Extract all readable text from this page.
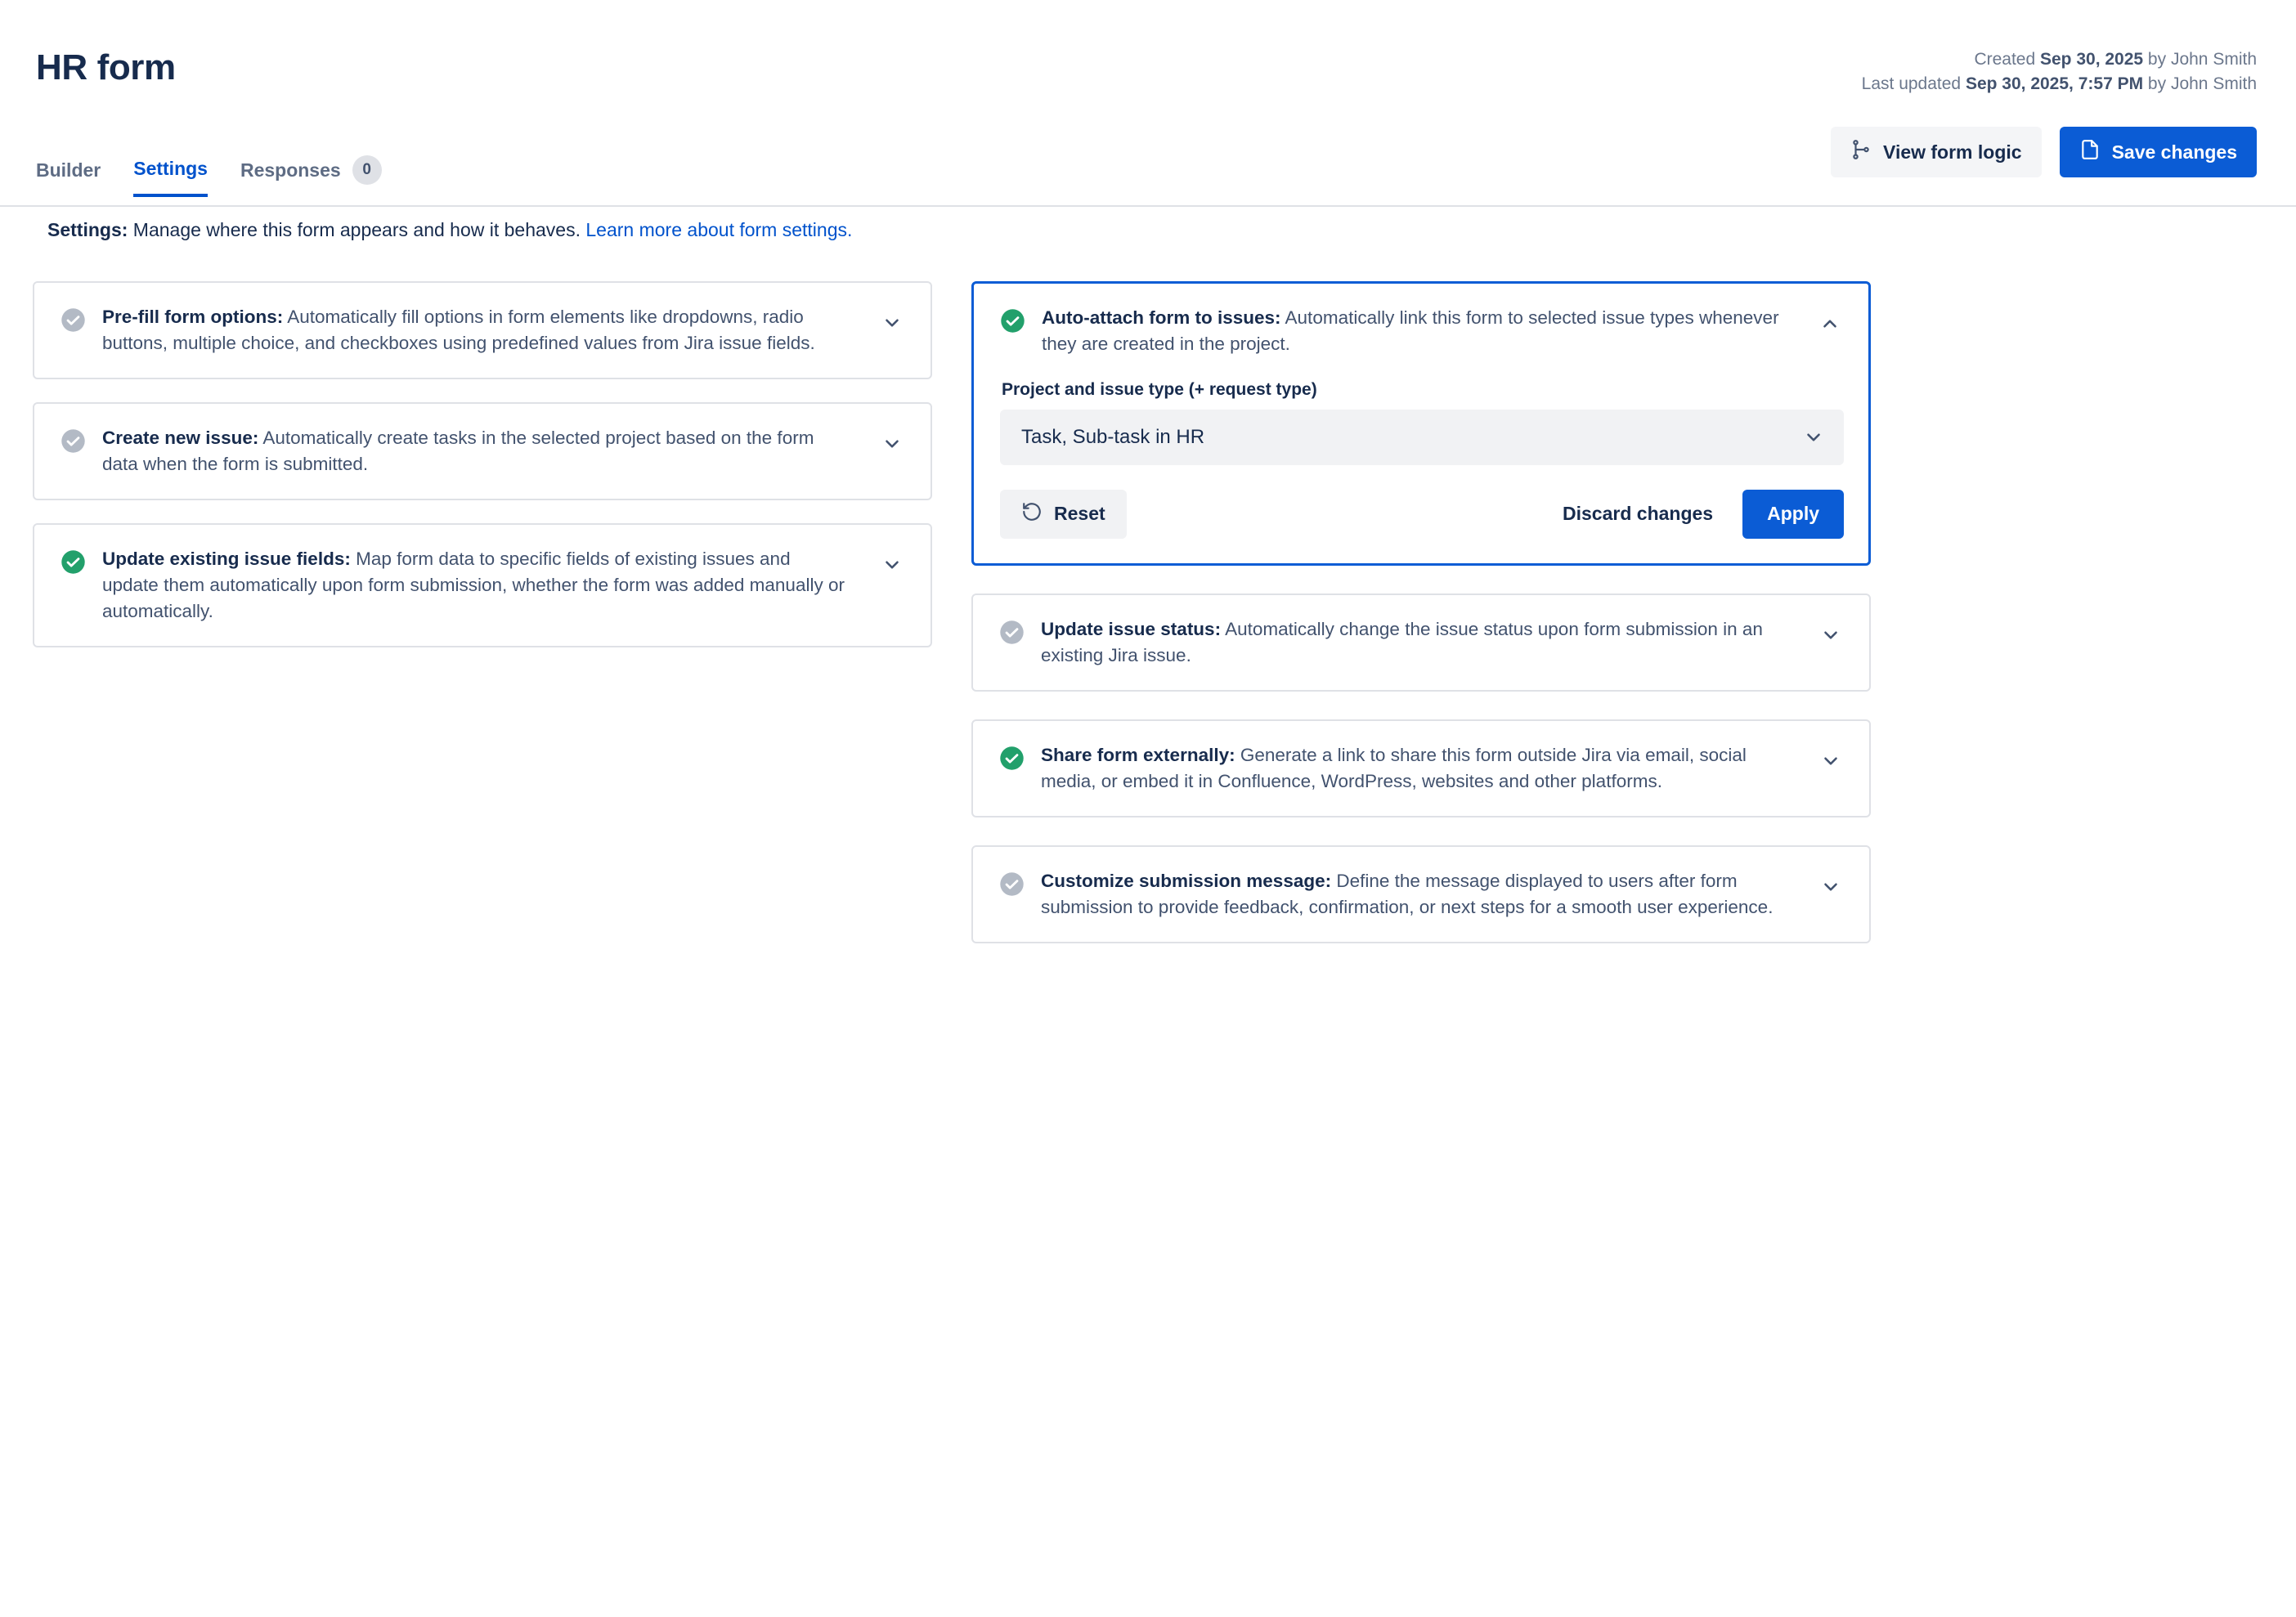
HR form	Created Sep 30, 2025 by John Smith
Last updated Sep 30, 2025, 7:57 PM by John Smith
View form logic	Save changes
Builder Settings Responses	0
Settings: Manage where this form appears and how it behaves. Learn more about form settings.
Pre-fill form options: Automatically fill options in form elements like dropdowns, radio buttons, multiple choice, and checkboxes using predefined values from Jira issue fields.
Create new issue: Automatically create tasks in the selected project based on the form data when the form is submitted.
Update existing issue fields: Map form data to specific fields of existing issues and update them automatically upon form submission, whether the form was added manually or automatically.
Auto-attach form to issues: Automatically link this form to selected issue types whenever they are created in the project.
Project and issue type (+ request type)
Task, Sub-task in HR
Reset	Discard changes	Apply
Update issue status: Automatically change the issue status upon form submission in an existing Jira issue.
Share form externally: Generate a link to share this form outside Jira via email, social media, or embed it in Confluence, WordPress, websites and other platforms.
Customize submission message: Define the message displayed to users after form submission to provide feedback, confirmation, or next steps for a smooth user experience.
